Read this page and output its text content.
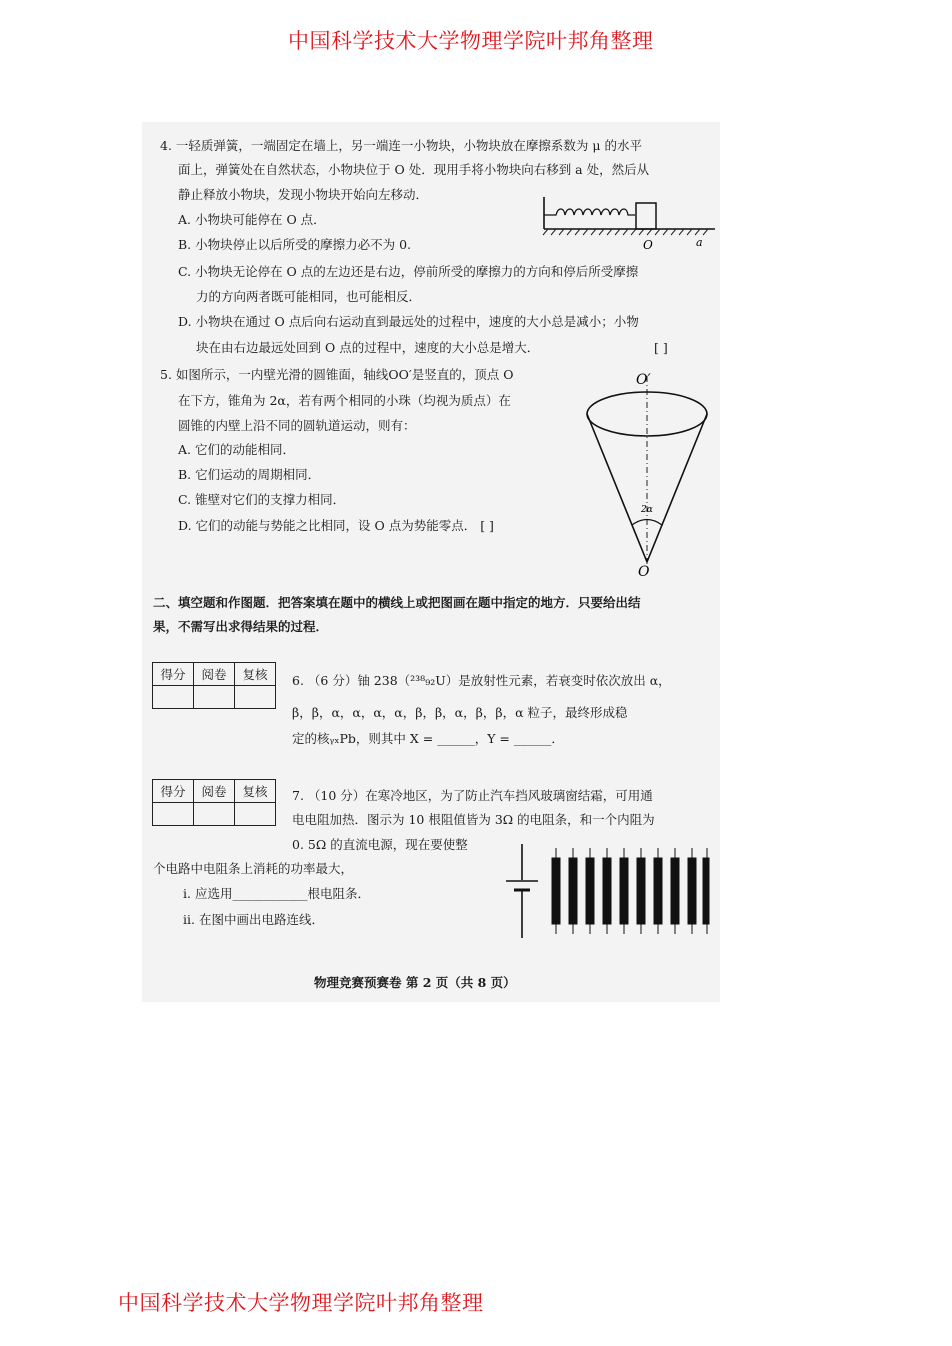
中国科学技术大学物理学院叶邦角整理
4. 一轻质弹簧，一端固定在墙上，另一端连一小物块，小物块放在摩擦系数为 μ 的水平
面上，弹簧处在自然状态，小物块位于 O 处．现用手将小物块向右移到 a 处，然后从
静止释放小物块，发现小物块开始向左移动．
A. 小物块可能停在 O 点．
B. 小物块停止以后所受的摩擦力必不为 0.
C. 小物块无论停在 O 点的左边还是右边，停前所受的摩擦力的方向和停后所受摩擦
力的方向两者既可能相同，也可能相反．
D. 小物块在通过 O 点后向右运动直到最远处的过程中，速度的大小总是减小；小物
块在由右边最远处回到 O 点的过程中，速度的大小总是增大．	[ ]
O	a
5. 如图所示，一内壁光滑的圆锥面，轴线OO′是竖直的，顶点 O
在下方，锥角为 2α，若有两个相同的小珠（均视为质点）在
圆锥的内壁上沿不同的圆轨道运动，则有：
A. 它们的动能相同．
B. 它们运动的周期相同．
C. 锥壁对它们的支撑力相同．
D. 它们的动能与势能之比相同，设 O 点为势能零点． [ ]
O′
2α
O
二、填空题和作图题．把答案填在题中的横线上或把图画在题中指定的地方．只要给出结
果，不需写出求得结果的过程．
得分	阅卷	复核
		6. （6 分）铀 238（²³⁸₉₂U）是放射性元素，若衰变时依次放出 α，
β，β，α，α，α，α，β，β，α，β，β，α 粒子，最终形成稳
定的核ᵧₓPb，则其中 X = ______，Y = ______．
得分	阅卷	复核
		7. （10 分）在寒冷地区，为了防止汽车挡风玻璃窗结霜，可用通
电电阻加热．图示为 10 根阻值皆为 3Ω 的电阻条，和一个内阻为
0. 5Ω 的直流电源，现在要使整
个电路中电阻条上消耗的功率最大，
i. 应选用____________根电阻条．
ii. 在图中画出电路连线．
物理竞赛预赛卷 第 2 页（共 8 页）
中国科学技术大学物理学院叶邦角整理
